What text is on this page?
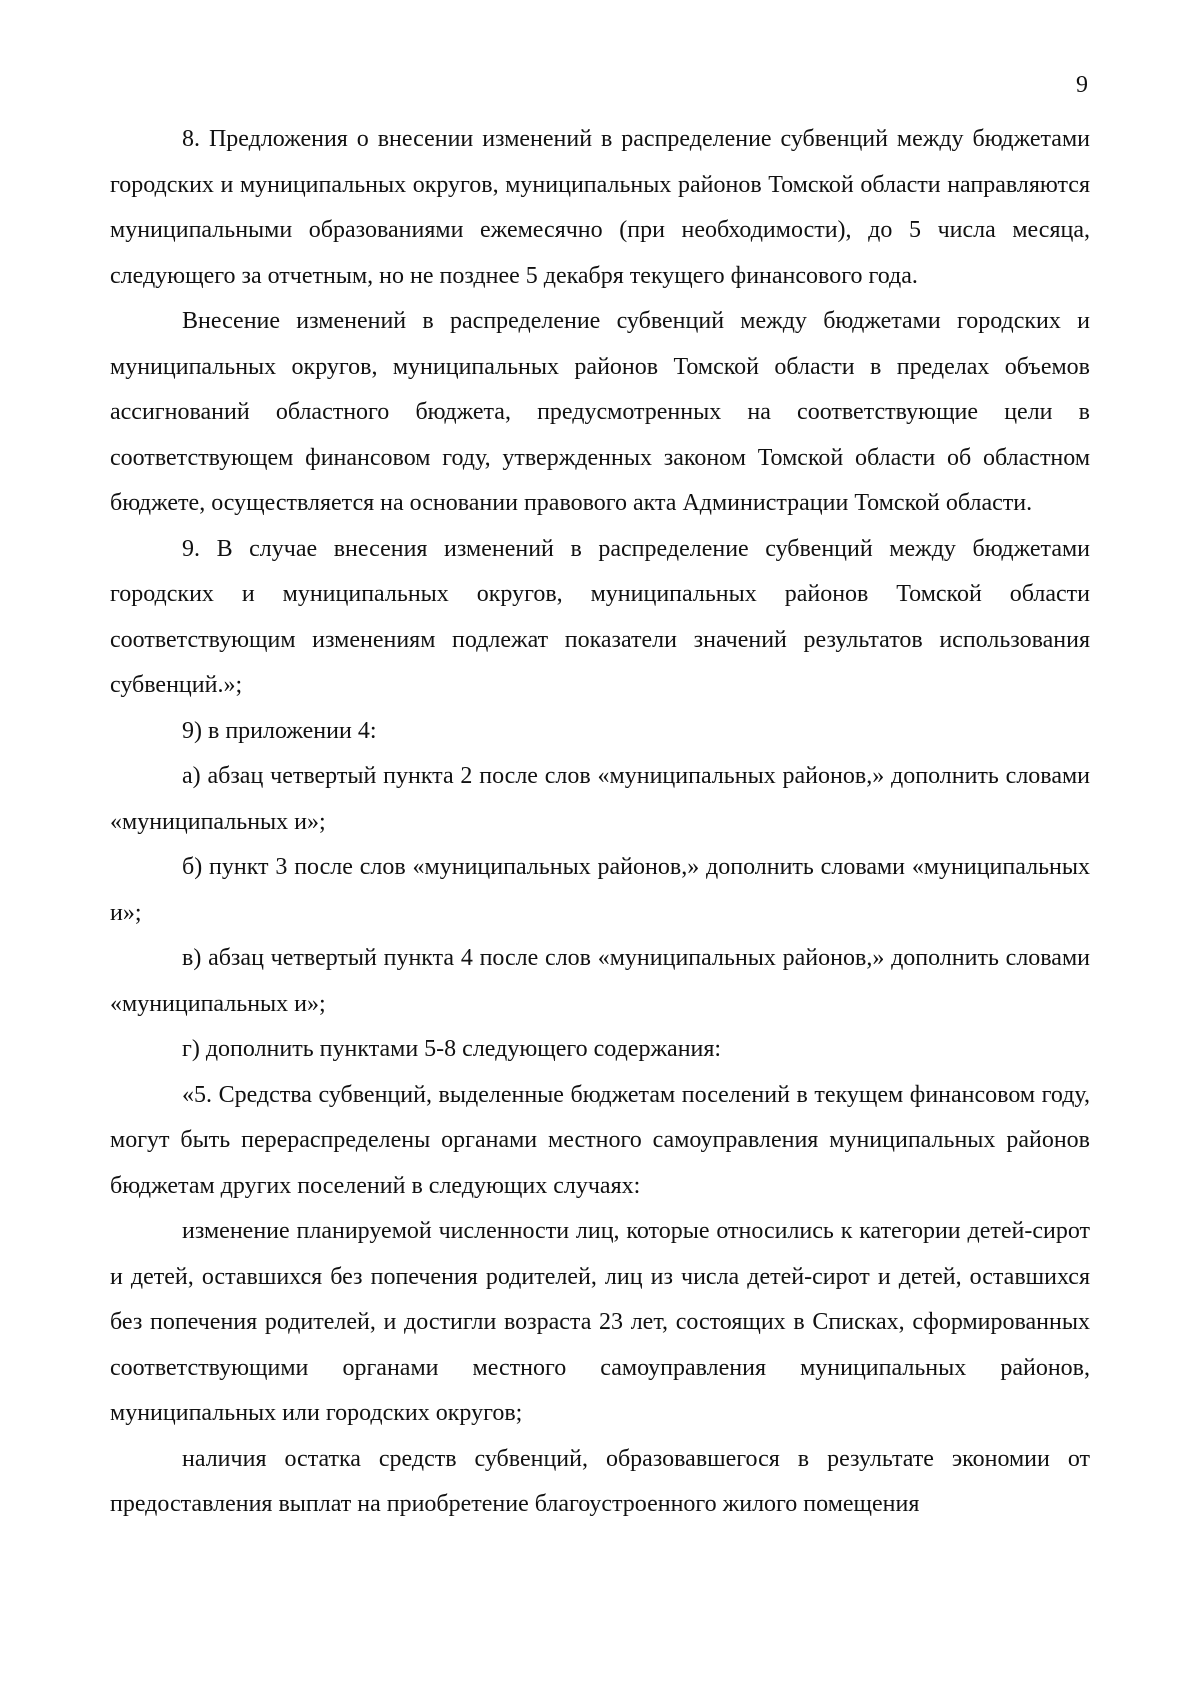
9

8. Предложения о внесении изменений в распределение субвенций между бюджетами городских и муниципальных округов, муниципальных районов Томской области направляются муниципальными образованиями ежемесячно (при необходимости), до 5 числа месяца, следующего за отчетным, но не позднее 5 декабря текущего финансового года.

Внесение изменений в распределение субвенций между бюджетами городских и муниципальных округов, муниципальных районов Томской области в пределах объемов ассигнований областного бюджета, предусмотренных на соответствующие цели в соответствующем финансовом году, утвержденных законом Томской области об областном бюджете, осуществляется на основании правового акта Администрации Томской области.

9. В случае внесения изменений в распределение субвенций между бюджетами городских и муниципальных округов, муниципальных районов Томской области соответствующим изменениям подлежат показатели значений результатов использования субвенций.»;

9) в приложении 4:

а) абзац четвертый пункта 2 после слов «муниципальных районов,» дополнить словами «муниципальных и»;

б) пункт 3 после слов «муниципальных районов,» дополнить словами «муниципальных и»;

в) абзац четвертый пункта 4 после слов «муниципальных районов,» дополнить словами «муниципальных и»;

г) дополнить пунктами 5-8 следующего содержания:

«5. Средства субвенций, выделенные бюджетам поселений в текущем финансовом году, могут быть перераспределены органами местного самоуправления муниципальных районов бюджетам других поселений в следующих случаях:

изменение планируемой численности лиц, которые относились к категории детей-сирот и детей, оставшихся без попечения родителей, лиц из числа детей-сирот и детей, оставшихся без попечения родителей, и достигли возраста 23 лет, состоящих в Списках, сформированных соответствующими органами местного самоуправления муниципальных районов, муниципальных или городских округов;

наличия остатка средств субвенций, образовавшегося в результате экономии от предоставления выплат на приобретение благоустроенного жилого помещения
